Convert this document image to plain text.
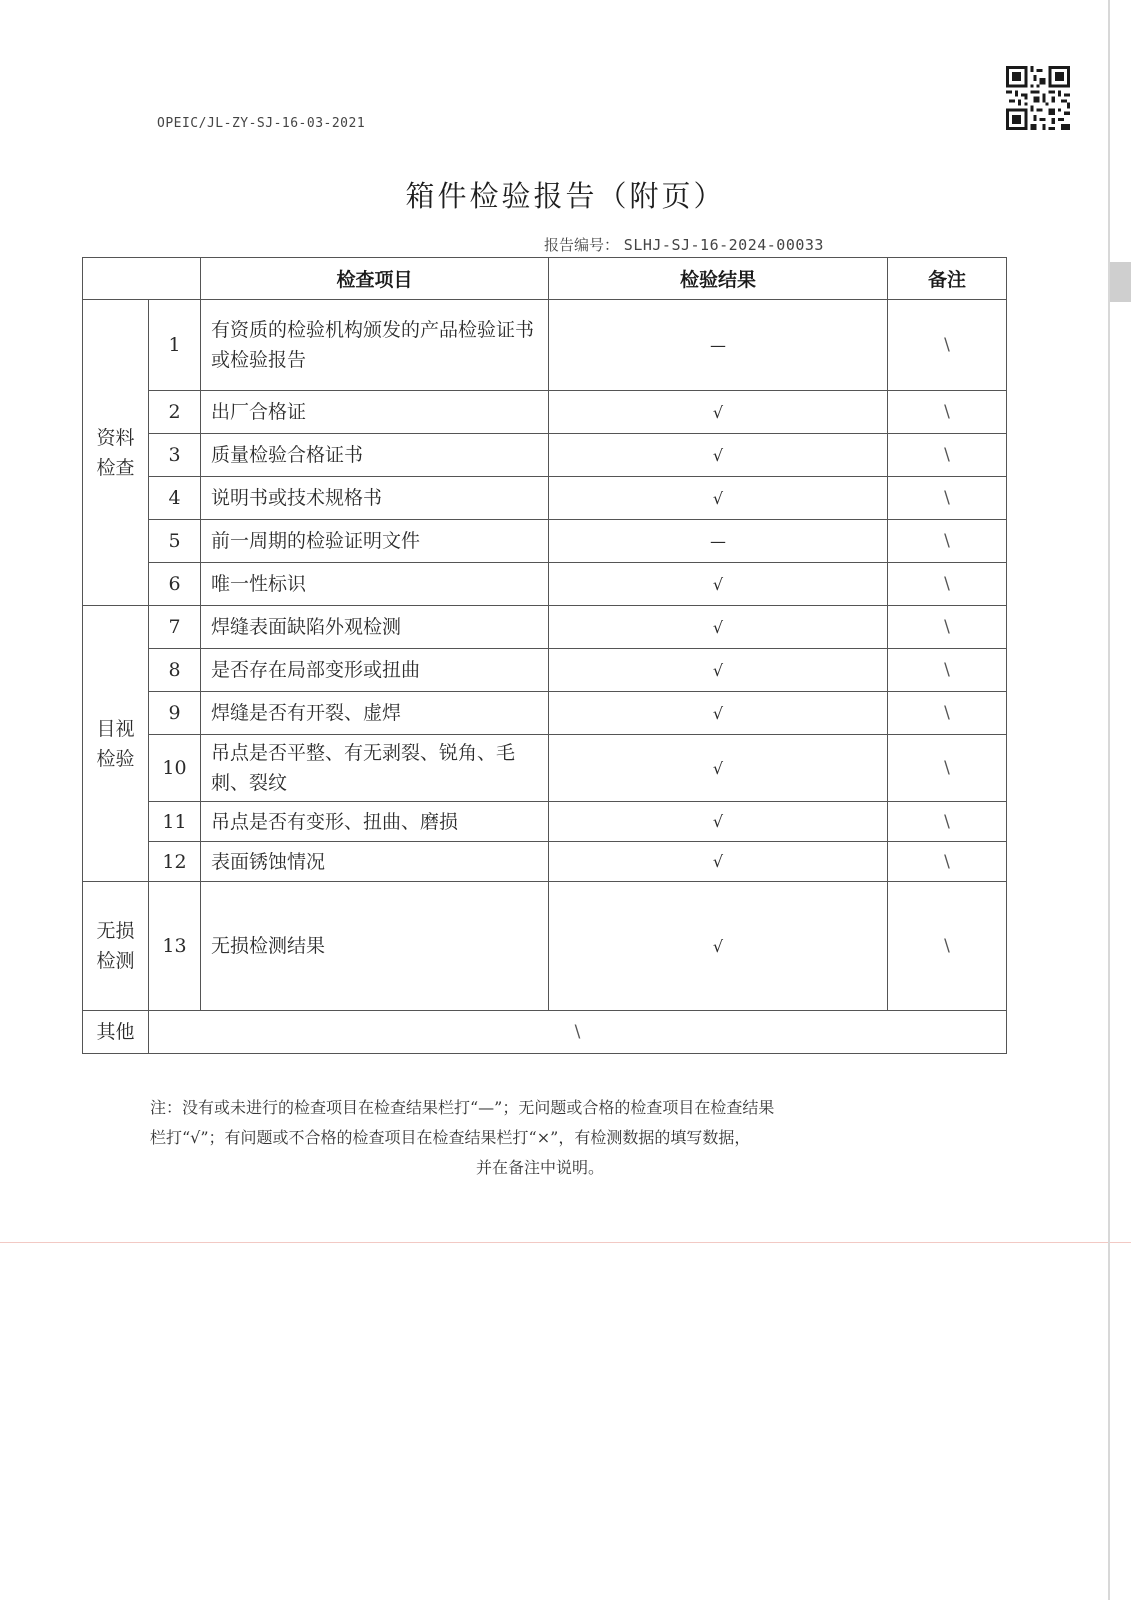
OPEIC/JL-ZY-SJ-16-03-2021
箱件检验报告（附页）
报告编号： SLHJ-SJ-16-2024-00033
		检查项目	检验结果	备注

资料检查	1	有资质的检验机构颁发的产品检验证书或检验报告	—	\
	2	出厂合格证	√	\
	3	质量检验合格证书	√	\
	4	说明书或技术规格书	√	\
	5	前一周期的检验证明文件	—	\
	6	唯一性标识	√	\

目视检验	7	焊缝表面缺陷外观检测	√	\
	8	是否存在局部变形或扭曲	√	\
	9	焊缝是否有开裂、虚焊	√	\
	10	吊点是否平整、有无剥裂、锐角、毛刺、裂纹	√	\
	11	吊点是否有变形、扭曲、磨损	√	\
	12	表面锈蚀情况	√	\

无损检测	13	无损检测结果	√	\
其他	\			
注：没有或未进行的检查项目在检查结果栏打“—”；无问题或合格的检查项目在检查结果
栏打“√”；有问题或不合格的检查项目在检查结果栏打“×”，有检测数据的填写数据，
并在备注中说明。
